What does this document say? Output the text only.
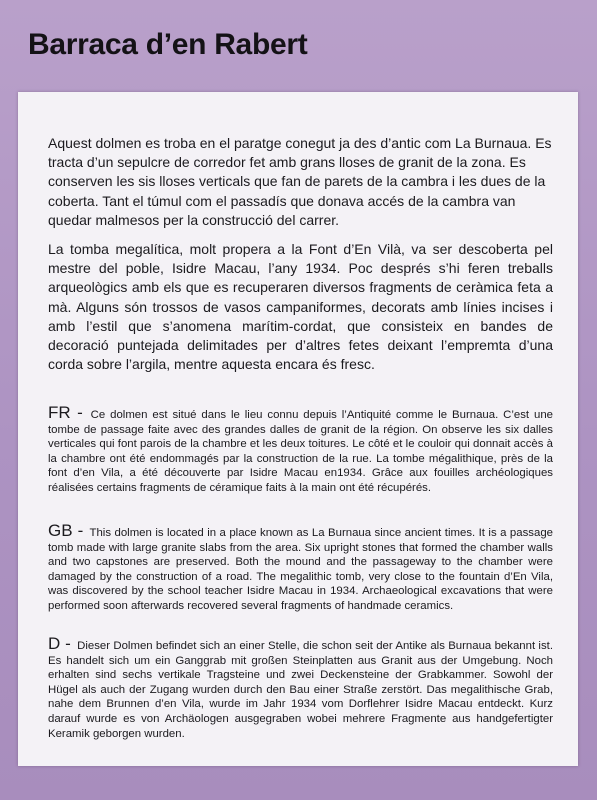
Barraca d’en Rabert

Aquest dolmen es troba en el paratge conegut ja des d’antic com La Burnaua. Es tracta d’un sepulcre de corredor fet amb grans lloses de granit de la zona. Es conserven les sis lloses verticals que fan de parets de la cambra i les dues de la coberta. Tant el túmul com el passadís que donava accés de la cambra van quedar malmesos per la construcció del carrer.

La tomba megalítica, molt propera a la Font d’En Vilà, va ser descoberta pel mestre del poble, Isidre Macau, l’any 1934. Poc després s’hi feren treballs arqueològics amb els que es recuperaren diversos fragments de ceràmica feta a mà. Alguns són trossos de vasos campaniformes, decorats amb línies incises i amb l’estil que s’anomena marítim-cordat, que consisteix en bandes de decoració puntejada delimitades per d’altres fetes deixant l’empremta d’una corda sobre l’argila, mentre aquesta encara és fresc.

FR - Ce dolmen est situé dans le lieu connu depuis l’Antiquité comme le Burnaua. C’est une tombe de passage faite avec des grandes dalles de granit de la région. On observe les six dalles verticales qui font parois de la chambre et les deux toitures. Le côté et le couloir qui donnait accès à la chambre ont été endommagés par la construction de la rue. La tombe mégalithique, près de la font d’en Vila, a été découverte par Isidre Macau en1934. Grâce aux fouilles archéologiques réalisées certains fragments de céramique faits à la main ont été récupérés.
GB - This dolmen is located in a place known as La Burnaua since ancient times. It is a passage tomb made with large granite slabs from the area. Six upright stones that formed the chamber walls and two capstones are preserved. Both the mound and the passageway to the chamber were damaged by the construction of a road. The megalithic tomb, very close to the fountain d’En Vila, was discovered by the school teacher Isidre Macau in 1934. Archaeological excavations that were performed soon afterwards recovered several fragments of handmade ceramics.
D - Dieser Dolmen befindet sich an einer Stelle, die schon seit der Antike als Burnaua bekannt ist. Es handelt sich um ein Ganggrab mit großen Steinplatten aus Granit aus der Umgebung. Noch erhalten sind sechs vertikale Tragsteine und zwei Deckensteine der Grabkammer. Sowohl der Hügel als auch der Zugang wurden durch den Bau einer Straße zerstört. Das megalithische Grab, nahe dem Brunnen d’en Vila, wurde im Jahr 1934 vom Dorflehrer Isidre Macau entdeckt. Kurz darauf wurde es von Archäologen ausgegraben wobei mehrere Fragmente aus handgefertigter Keramik geborgen wurden.
